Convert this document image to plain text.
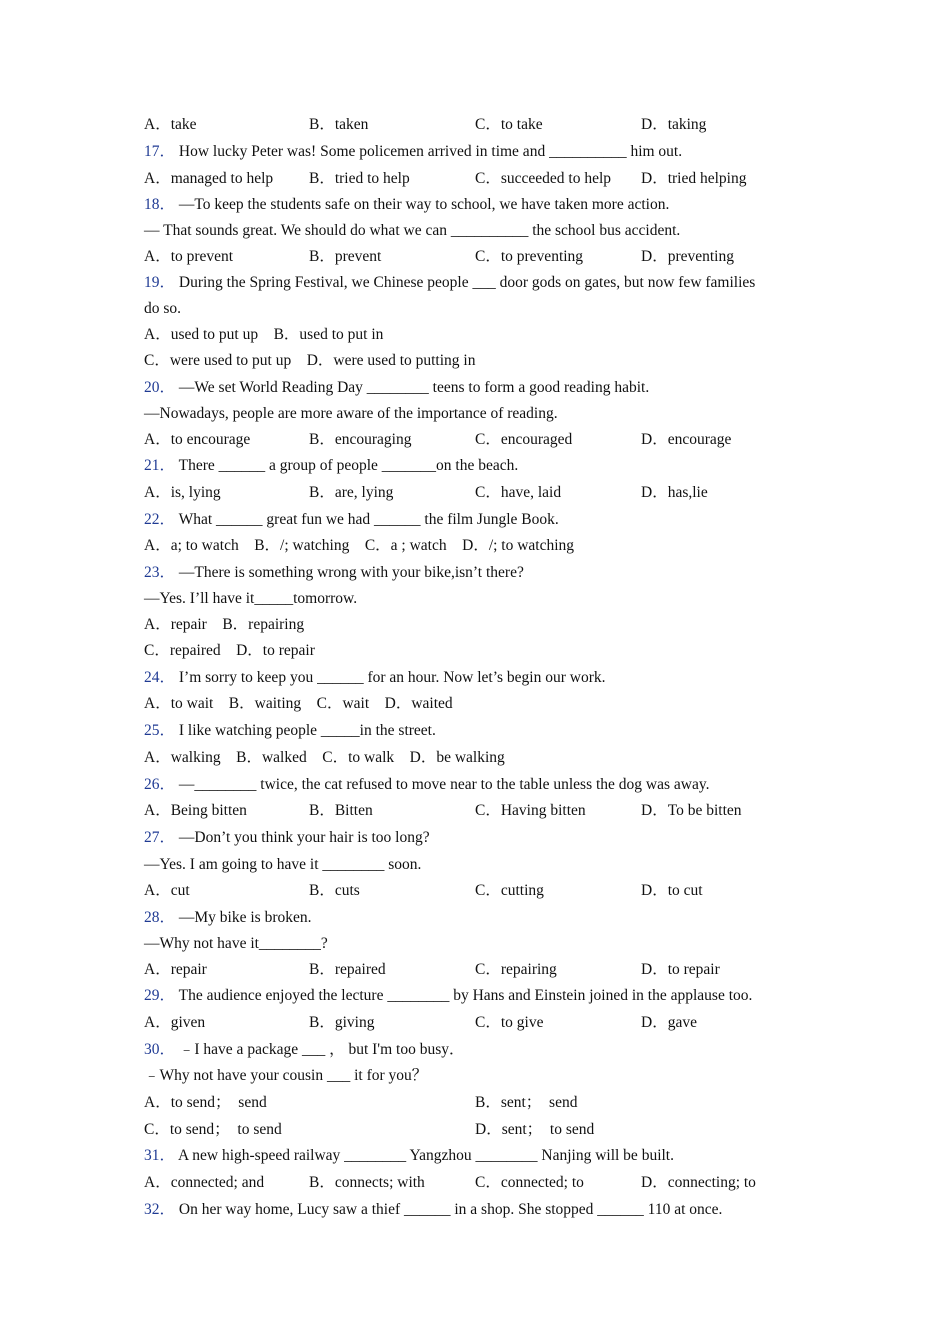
A．take	B．taken	C．to take	D．taking
17． How lucky Peter was! Some policemen arrived in time and __________ him out.
A．managed to help B．tried to help	C．succeeded to help D．tried helping
18． —To keep the students safe on their way to school, we have taken more action.
— That sounds great. We should do what we can __________ the school bus accident.
A．to prevent	B．prevent	C．to preventing	D．preventing
19． During the Spring Festival, we Chinese people ___ door gods on gates, but now few families
do so.
A．used to put up    B．used to put in
C．were used to put up    D．were used to putting in
20． —We set World Reading Day ________ teens to form a good reading habit.
—Nowadays, people are more aware of the importance of reading.
A．to encourage	B．encouraging	C．encouraged	D．encourage
21． There ______ a group of people _______on the beach.
A．is, lying	B．are, lying	C．have, laid	D．has,lie
22． What ______ great fun we had ______ the film Jungle Book.
A．a; to watch    B．/; watching    C．a ; watch    D．/; to watching
23． —There is something wrong with your bike,isn’t there?
—Yes. I’ll have it_____tomorrow.
A．repair    B．repairing
C．repaired    D．to repair
24． I’m sorry to keep you ______ for an hour. Now let’s begin our work.
A．to wait    B．waiting    C．wait    D．waited
25． I like watching people _____in the street.
A．walking    B．walked    C．to walk    D．be walking
26． —________ twice, the cat refused to move near to the table unless the dog was away.
A．Being bitten	B．Bitten	C．Having bitten	D．To be bitten
27． —Don’t you think your hair is too long?
—Yes. I am going to have it ________ soon.
A．cut	B．cuts	C．cutting	D．to cut
28． —My bike is broken.
—Why not have it________?
A．repair	B．repaired	C．repairing	D．to repair
29． The audience enjoyed the lecture ________ by Hans and Einstein joined in the applause too.
A．given	B．giving	C．to give	D．gave
30． ﹣I have a package ___ ， but I'm too busy．
﹣Why not have your cousin ___ it for you？
A．to send；  send	B．sent；  send
C．to send；  to send	D．sent；  to send
31． A new high-speed railway ________ Yangzhou ________ Nanjing will be built.
A．connected; and	B．connects; with	C．connected; to	D．connecting; to
32． On her way home, Lucy saw a thief ______ in a shop. She stopped ______ 110 at once.
